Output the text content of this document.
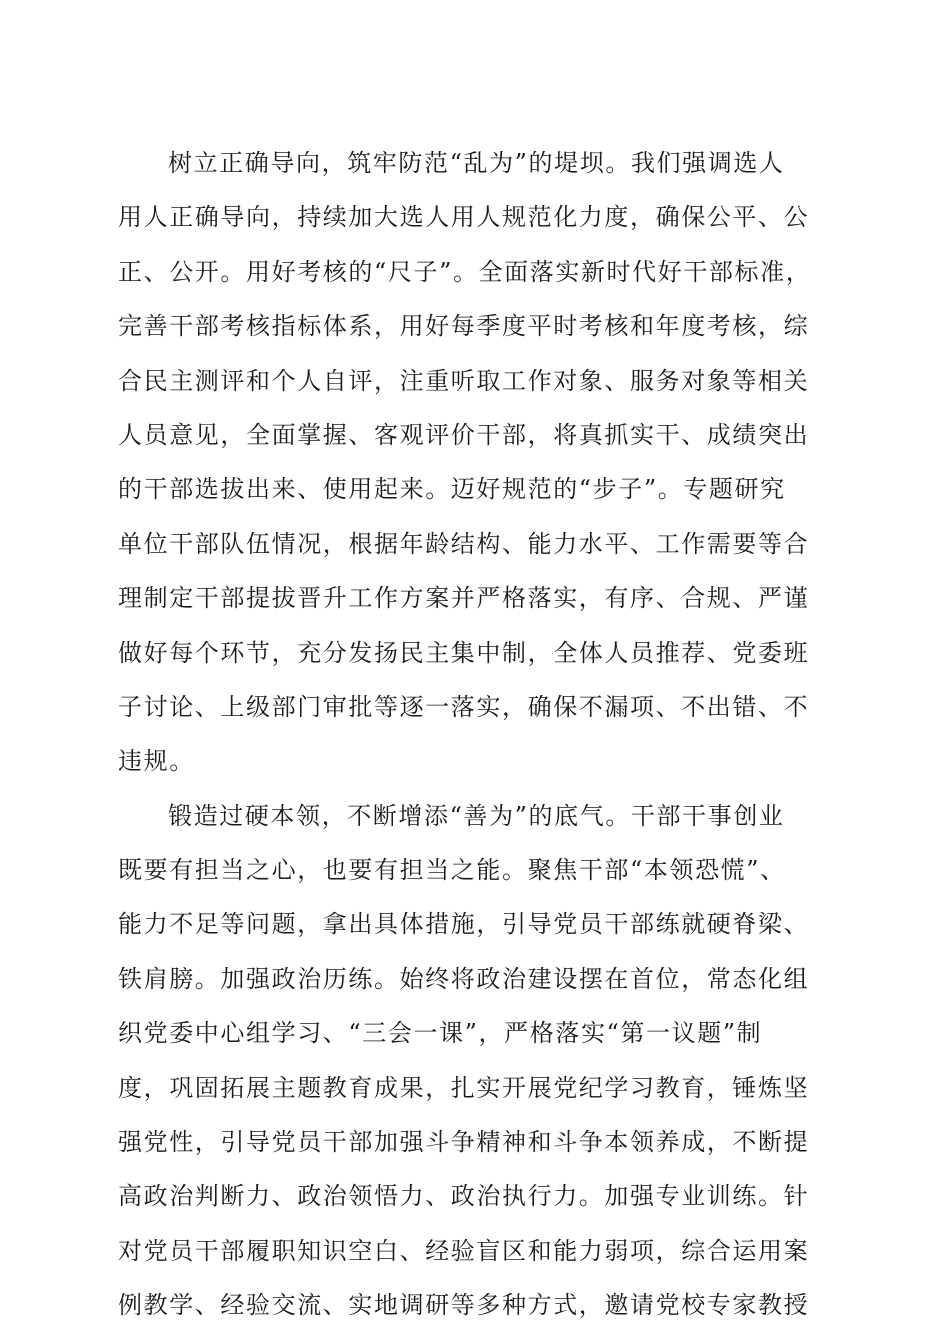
树立正确导向，筑牢防范“乱为”的堤坝。我们强调选人
用人正确导向，持续加大选人用人规范化力度，确保公平、公
正、公开。用好考核的“尺子”。全面落实新时代好干部标准，
完善干部考核指标体系，用好每季度平时考核和年度考核，综
合民主测评和个人自评，注重听取工作对象、服务对象等相关
人员意见，全面掌握、客观评价干部，将真抓实干、成绩突出
的干部选拔出来、使用起来。迈好规范的“步子”。专题研究
单位干部队伍情况，根据年龄结构、能力水平、工作需要等合
理制定干部提拔晋升工作方案并严格落实，有序、合规、严谨
做好每个环节，充分发扬民主集中制，全体人员推荐、党委班
子讨论、上级部门审批等逐一落实，确保不漏项、不出错、不
违规。
锻造过硬本领，不断增添“善为”的底气。干部干事创业
既要有担当之心，也要有担当之能。聚焦干部“本领恐慌”、
能力不足等问题，拿出具体措施，引导党员干部练就硬脊梁、
铁肩膀。加强政治历练。始终将政治建设摆在首位，常态化组
织党委中心组学习、“三会一课”，严格落实“第一议题”制
度，巩固拓展主题教育成果，扎实开展党纪学习教育，锤炼坚
强党性，引导党员干部加强斗争精神和斗争本领养成，不断提
高政治判断力、政治领悟力、政治执行力。加强专业训练。针
对党员干部履职知识空白、经验盲区和能力弱项，综合运用案
例教学、经验交流、实地调研等多种方式，邀请党校专家教授
